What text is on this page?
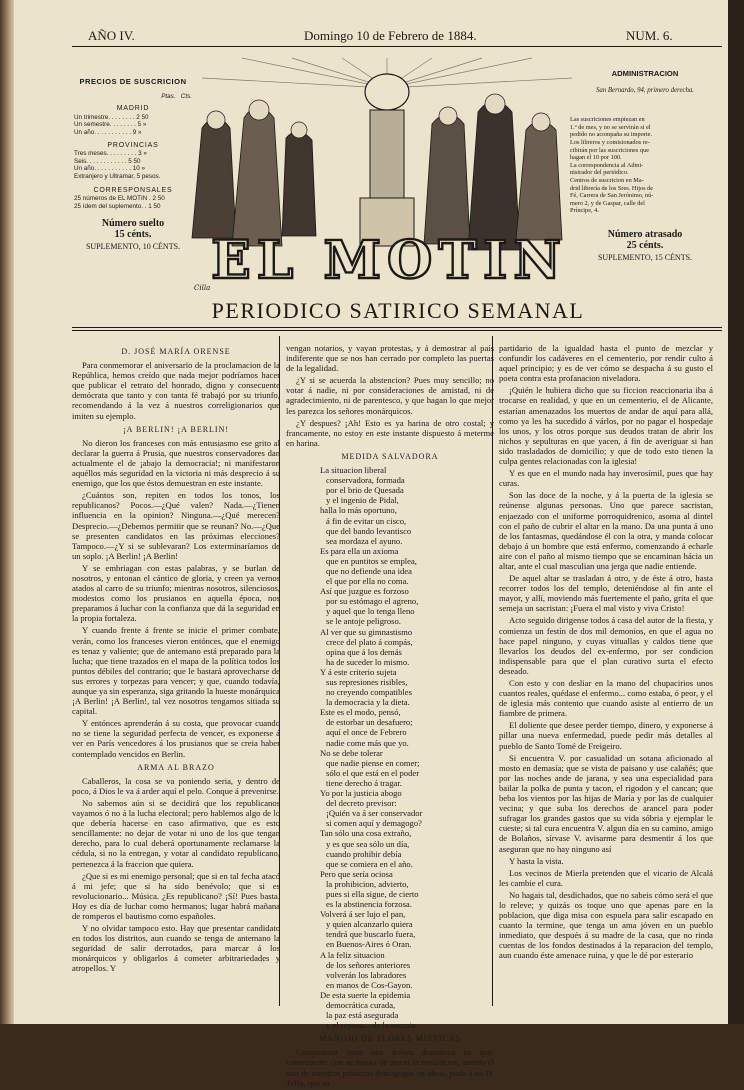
AÑO IV.	Domingo 10 de Febrero de 1884.	NUM. 6.
PRECIOS DE SUSCRICION
Ptas. Cts.
MADRID
Un trimestre. . . . . . . . 2 50
Un semestre. . . . . . . . 5 »
Un año. . . . . . . . . . . 9 »
PROVINCIAS
Tres meses. . . . . . . . . 3 »
Seis. . . . . . . . . . . . 5 50
Un año. . . . . . . . . . . 10 »
Extranjero y Ultramar, 5 pesos.
CORRESPONSALES
25 números de EL MOTIN . 2 50
25 ídem del suplemento. . 1 50
Número suelto
15 cénts.
SUPLEMENTO, 10 CÉNTS. EL MOTIN
Cilla
ADMINISTRACION
San Bernardo, 94, primero derecha.
Las suscriciones empiezan en
1.º de mes, y no se servirán si el
pedido no acompaña su importe.
Los libreros y comisionados re-
cibirán por las suscriciones que
hagan el 10 por 100.
La correspondencia al Admi-
nistrador del periódico.
Centros de suscricion en Ma-
drid librería de los Sres. Hijos de
Fé, Carrera de San Jerónimo, nú-
mero 2, y de Gaspar, calle del
Príncipe, 4.
Número atrasado
25 cénts.
SUPLEMENTO, 15 CÉNTS.
PERIODICO SATIRICO SEMANAL
D. JOSÉ MARÍA ORENSE

Para conmemorar el aniversario de la proclamacion de la República, hemos creído que nada mejor podríamos hacer que publicar el retrato del honrado, digno y consecuente demócrata que tanto y con tanta fé trabajó por su triunfo, recomendando á la vez á nuestros correligionarios que imiten su ejemplo.

¡A BERLIN! ¡A BERLIN!

No dieron los franceses con más entusiasmo ese grito al declarar la guerra á Prusia, que nuestros conservadores dan actualmente el de ¡abajo la democracia!; ni manifestaron aquéllos más seguridad en la victoria ni más desprecio á su enemigo, que los que éstos demuestran en este instante.

¿Cuántos son, repiten en todos los tonos, los republicanos? Pocos.—¿Qué valen? Nada.—¿Tienen influencia en la opinion? Ninguna.—¿Qué merecen? Desprecio.—¿Debemos permitir que se reunan? No.—¿Que se presenten candidatos en las próximas elecciones? Tampoco.—¿Y si se sublevaran? Los exterminaríamos de un soplo. ¡A Berlin! ¡A Berlin!

Y se embriagan con estas palabras, y se burlan de nosotros, y entonan el cántico de gloria, y creen ya vernos atados al carro de su triunfo; mientras nosotros, silenciosos, modestos como los prusianos en aquella época, nos preparamos á luchar con la confianza que dá la seguridad en la propia fortaleza.

Y cuando frente á frente se inicie el primer combate, verán, como los franceses vieron entónces, que el enemigo es tenaz y valiente; que de antemano está preparado para la lucha; que tiene trazados en el mapa de la política todos los puntos débiles del contrario; que le bastará aprovecharse de sus errores y torpezas para vencer; y que, cuando todavía, aunque ya sin esperanza, siga gritando la hueste monárquica ¡A Berlin! ¡A Berlin!, tal vez nosotros tengamos sitiada su capital.

Y entónces aprenderán á su costa, que provocar cuando no se tiene la seguridad perfecta de vencer, es exponerse á ver en París vencedores á los prusianos que se creia haber contemplado vencidos en Berlin.

ARMA AL BRAZO

Caballeros, la cosa se va poniendo seria, y dentro de poco, á Dios le va á arder aquí el pelo. Conque á prevenirse.

No sabemos aún si se decidirá que los republicanos vayamos ó no á la lucha electoral; pero hablemos algo de lo que debería hacerse en caso afirmativo, que es esto sencillamente: no dejar de votar ni uno de los que tengan derecho, para lo cual deberá oportunamente reclamarse la cédula, si no la entregan, y votar al candidato republicano, pertenezca á la fraccion que quiera.

¿Que si es mi enemigo personal; que si en tal fecha atacó á mi jefe; que si ha sido benévolo; que si es revolucionario... Música. ¿Es republicano? ¡Sí! Pues basta. Hoy es día de luchar como hermanos; lugar habrá mañana de romperos el bautismo como españoles.

Y no olvidar tampoco esto. Hay que presentar candidato en todos los distritos, aun cuando se tenga de antemano la seguridad de salir derrotados, para marcar á los monárquicos y obligarlos á cometer arbitrariedades y atropellos. Y

vengan notarios, y vayan protestas, y á demostrar al país indiferente que se nos han cerrado por completo las puertas de la legalidad.

¿Y si se acuerda la abstencion? Pues muy sencillo; no votar á nadie, ni por consideraciones de amistad, ni de agradecimiento, ni de parentesco, y que hagan lo que mejor les parezca los señores monárquicos.

¿Y despues? ¡Ah! Esto es ya harina de otro costal; y francamente, no estoy en este instante dispuesto á meterme en harina.

MEDIDA SALVADORA
La situacion liberal
conservadora, formada
por el brio de Quesada
y el ingenio de Pidal,
halla lo más oportuno,
á fin de evitar un cisco,
que del bando levantisco
sea mordaza el ayuno.
Es para ella un axioma
que en puntitos se emplea,
que no defiende una idea
el que por ella no coma.
Así que juzgue es forzoso
por su estómago el agreno,
y aquel que lo tenga lleno
se le antoje peligroso.
Al ver que su gimnastismo
crece del plato á compás,
opina que á los demás
ha de suceder lo mismo.
Y á este criterio sujeta
sus represiones risibles,
no creyendo compatibles
la democracia y la dieta.
Este es el modo, pensó,
de estorbar un desafuero;
aquí el once de Febrero
nadie come más que yo.
No se debe tolerar
que nadie piense en comer;
sólo el que está en el poder
tiene derecho á tragar.
Yo por la justicia abogo
del decreto previsor:
¡Quién va á ser conservador
si comen aquí y demagogo?
Tan sólo una cosa extraño,
y es que sea sólo un día,
cuando prohibir debía
que se comiera en el año.
Pero que sería ociosa
la prohibicion, advierto,
pues si ella sigue, de cierto
es la abstinencia forzosa.
Volverá á ser lujo el pan,
y quien alcanzarlo quiera
tendrá que buscarlo fuera,
en Buenos-Aires ó Oran.
A la feliz situacion
de los señores anteriores
volverán los labradores
en manos de Cos-Gayon.
De esta suerte la epidemia
democrática curada,
la paz está asegurada
y el reposo... de la anemia.
MANOJO DE FLORES MÍSTICAS

Campoamor tiene una dolora dramática en que, consecuente con su manía de atacar la revolucion, siendo él uno de nuestros primeros demagogos en ideas, pinta á un D. Tello, que es

partidario de la igualdad hasta el punto de mezclar y confundir los cadáveres en el cementerio, por rendir culto á aquel principio; y es de ver cómo se despacha á su gusto el poeta contra esta profanacion niveladora.

¡Quién le hubiera dicho que su ficcion reaccionaria iba á trocarse en realidad, y que en un cementerio, el de Alicante, estarían amenazados los muertos de andar de aquí para allá, como ya les ha sucedido á várlos, por no pagar el hospedaje los unos, y los otros porque sus deudos tratan de abrir los nichos y sepulturas en que yacen, á fin de averiguar si han sido trasladados de domicilio; y que de todo esto tienen la culpa gentes relacionadas con la iglesia!

Y es que en el mundo nada hay inverosímil, pues que hay curas.

Son las doce de la noche, y á la puerta de la iglesia se reúnense algunas personas. Uno que parece sacristan, enjaezado con el uniforme porroquidrenico, asoma al dintel con el paño de cubrir el altar en la mano. Da una punta á uno de los fantasmas, quedándose él con la otra, y manda colocar debajo á un hombre que está enfermo, comenzando á echarle aire con el paño al mismo tiempo que se encaminan hácia un altar, ante el cual masculian una jerga que nadie entiende.

De aquel altar se trasladan á otro, y de éste á otro, hasta recorrer todos los del templo, deteniéndose al fin ante el mayor, y allí, moviendo más fuertemente el paño, grita el que semeja un sacristan: ¡Fuera el mal visto y viva Cristo!

Acto seguido dirigense todos á casa del autor de la fiesta, y comienza un festín de dos mil demonios, en que el agua no hace papel ninguno, y cuyas vituallas y caldos tiene que llevarlos los deudos del ex-enfermo, por ser condicion indispensable para que el plan curativo surta el efecto deseado.

Con esto y con desliar en la mano del chupacirios unos cuantos reales, quédase el enfermo... como estaba, ó peor, y el de iglesia más contento que cuando asiste al entierro de un fiambre de primera.

El doliente que desee perder tiempo, dinero, y exponerse á pillar una nueva enfermedad, puede pedir más detalles al pueblo de Santo Tomé de Freigeiro.

Si encuentra V. por casualidad un sotana aficionado al mosto en demasía; que se vista de paisano y use calañés; que por las noches ande de jarana, y sea una especialidad para bailar la polka de punta y tacon, el rigodon y el cancan; que beba los vientos por las hijas de María y por las de cualquier vecina; y que suba los derechos de arancel para poder sufragar los grandes gastos que su vida sóbria y ejemplar le cueste; si tal cura encuentra V. algun día en su camino, amigo de Bolaños, sírvase V. avisarme para desmentir á los que aseguran que no hay ninguno así

Y hasta la vista.

Los vecinos de Mierla pretenden que el vicario de Alcalá les cambie el cura.

No hagais tal, desdichados, que no sabeis cómo será el que lo releve; y quizás os toque uno que apenas pare en la poblacion, que diga misa con espuela para salir escapado en cuanto la termine, que tenga un ama jóven en un pueblo inmediato, que después á su madre de la casa, que no rinda cuentas de los fondos destinados á la reparacion del templo, aun cuando éste amenace ruina, y que le dé por esterario
